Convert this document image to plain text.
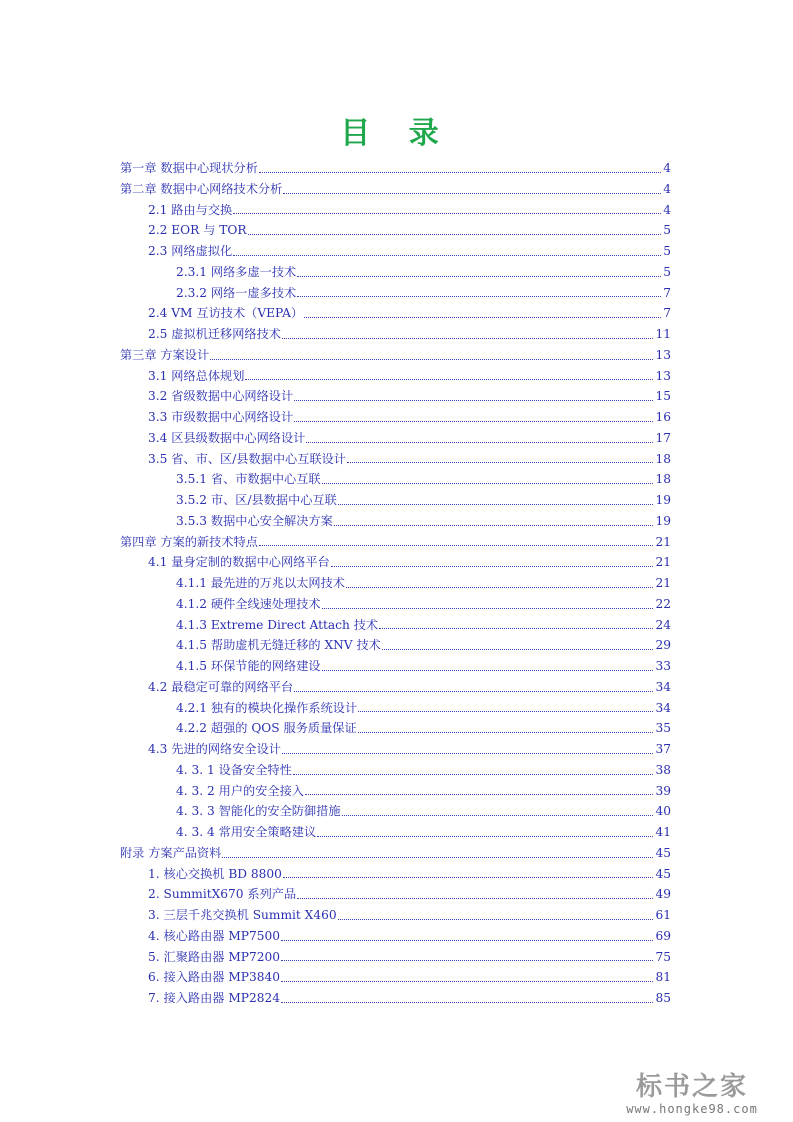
目 录
第一章 数据中心现状分析	4
第二章 数据中心网络技术分析	4
2.1 路由与交换	4
2.2 EOR 与 TOR	5
2.3 网络虚拟化	5
2.3.1 网络多虚一技术	5
2.3.2 网络一虚多技术	7
2.4 VM 互访技术（VEPA）	7
2.5 虚拟机迁移网络技术	11
第三章 方案设计	13
3.1 网络总体规划	13
3.2 省级数据中心网络设计	15
3.3 市级数据中心网络设计	16
3.4 区县级数据中心网络设计	17
3.5 省、市、区/县数据中心互联设计	18
3.5.1 省、市数据中心互联	18
3.5.2 市、区/县数据中心互联	19
3.5.3 数据中心安全解决方案	19
第四章 方案的新技术特点	21
4.1 量身定制的数据中心网络平台	21
4.1.1 最先进的万兆以太网技术	21
4.1.2 硬件全线速处理技术	22
4.1.3 Extreme Direct Attach 技术	24
4.1.5 帮助虚机无缝迁移的 XNV 技术	29
4.1.5 环保节能的网络建设	33
4.2 最稳定可靠的网络平台	34
4.2.1 独有的模块化操作系统设计	34
4.2.2 超强的 QOS 服务质量保证	35
4.3 先进的网络安全设计	37
4. 3. 1 设备安全特性	38
4. 3. 2 用户的安全接入	39
4. 3. 3 智能化的安全防御措施	40
4. 3. 4 常用安全策略建议	41
附录 方案产品资料	45
1. 核心交换机 BD 8800	45
2. SummitX670 系列产品	49
3. 三层千兆交换机 Summit X460	61
4. 核心路由器 MP7500	69
5. 汇聚路由器 MP7200	75
6. 接入路由器 MP3840	81
7. 接入路由器 MP2824	85
标书之家
www.hongke98.com
